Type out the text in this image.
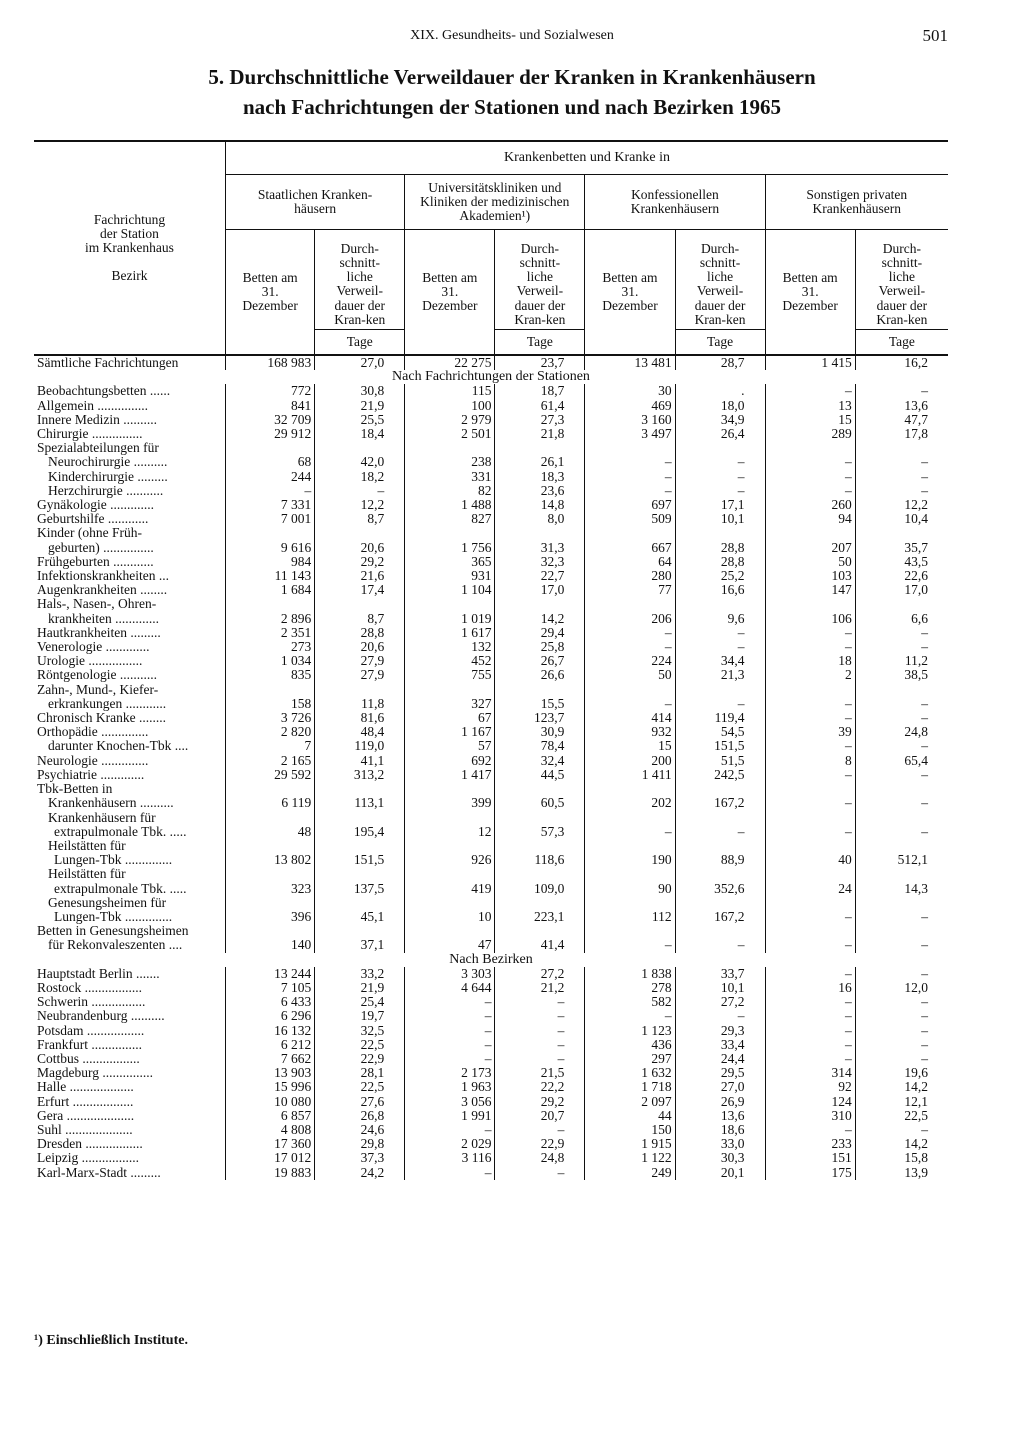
XIX. Gesundheits- und Sozialwesen	501
5. Durchschnittliche Verweildauer der Kranken in Krankenhäusern
nach Fachrichtungen der Stationen und nach Bezirken 1965
Fachrichtung
der Station
im Krankenhaus
Bezirk	Krankenbetten und Kranke in							
	Staatlichen Kranken-häusern		Universitätskliniken und Kliniken der medizinischen Akademien¹)		Konfessionellen Krankenhäusern		Sonstigen privaten Krankenhäusern	
	Betten am 31. Dezember	Durch-schnitt-liche Verweil-dauer der Kran-ken	Betten am 31. Dezember	Durch-schnitt-liche Verweil-dauer der Kran-ken	Betten am 31. Dezember	Durch-schnitt-liche Verweil-dauer der Kran-ken	Betten am 31. Dezember	Durch-schnitt-liche Verweil-dauer der Kran-ken
		Tage		Tage		Tage		Tage

Sämtliche Fachrichtungen	168 983	27,0	22 275	23,7	13 481	28,7	1 415	16,2
Nach Fachrichtungen der Stationen								
Beobachtungsbetten ......	772	30,8	115	18,7	30	.	–	–
Allgemein ...............	841	21,9	100	61,4	469	18,0	13	13,6
Innere Medizin ..........	32 709	25,5	2 979	27,3	3 160	34,9	15	47,7
Chirurgie ...............	29 912	18,4	2 501	21,8	3 497	26,4	289	17,8
Spezialabteilungen für								
Neurochirurgie ..........	68	42,0	238	26,1	–	–	–	–
Kinderchirurgie .........	244	18,2	331	18,3	–	–	–	–
Herzchirurgie ...........	–	–	82	23,6	–	–	–	–
Gynäkologie .............	7 331	12,2	1 488	14,8	697	17,1	260	12,2
Geburtshilfe ............	7 001	8,7	827	8,0	509	10,1	94	10,4
Kinder (ohne Früh-								
geburten) ...............	9 616	20,6	1 756	31,3	667	28,8	207	35,7
Frühgeburten ............	984	29,2	365	32,3	64	28,8	50	43,5
Infektionskrankheiten ...	11 143	21,6	931	22,7	280	25,2	103	22,6
Augenkrankheiten ........	1 684	17,4	1 104	17,0	77	16,6	147	17,0
Hals-, Nasen-, Ohren-								
krankheiten .............	2 896	8,7	1 019	14,2	206	9,6	106	6,6
Hautkrankheiten .........	2 351	28,8	1 617	29,4	–	–	–	–
Venerologie .............	273	20,6	132	25,8	–	–	–	–
Urologie ................	1 034	27,9	452	26,7	224	34,4	18	11,2
Röntgenologie ...........	835	27,9	755	26,6	50	21,3	2	38,5
Zahn-, Mund-, Kiefer-								
erkrankungen ............	158	11,8	327	15,5	–	–	–	–
Chronisch Kranke ........	3 726	81,6	67	123,7	414	119,4	–	–
Orthopädie ..............	2 820	48,4	1 167	30,9	932	54,5	39	24,8
darunter Knochen-Tbk ....	7	119,0	57	78,4	15	151,5	–	–
Neurologie ..............	2 165	41,1	692	32,4	200	51,5	8	65,4
Psychiatrie .............	29 592	313,2	1 417	44,5	1 411	242,5	–	–
Tbk-Betten in								
Krankenhäusern ..........	6 119	113,1	399	60,5	202	167,2	–	–
Krankenhäusern für								
extrapulmonale Tbk. .....	48	195,4	12	57,3	–	–	–	–
Heilstätten für								
Lungen-Tbk ..............	13 802	151,5	926	118,6	190	88,9	40	512,1
Heilstätten für								
extrapulmonale Tbk. .....	323	137,5	419	109,0	90	352,6	24	14,3
Genesungsheimen für								
Lungen-Tbk ..............	396	45,1	10	223,1	112	167,2	–	–
Betten in Genesungsheimen								
für Rekonvaleszenten ....	140	37,1	47	41,4	–	–	–	–
Nach Bezirken								
Hauptstadt Berlin .......	13 244	33,2	3 303	27,2	1 838	33,7	–	–
Rostock .................	7 105	21,9	4 644	21,2	278	10,1	16	12,0
Schwerin ................	6 433	25,4	–	–	582	27,2	–	–
Neubrandenburg ..........	6 296	19,7	–	–	–	–	–	–
Potsdam .................	16 132	32,5	–	–	1 123	29,3	–	–
Frankfurt ...............	6 212	22,5	–	–	436	33,4	–	–
Cottbus .................	7 662	22,9	–	–	297	24,4	–	–
Magdeburg ...............	13 903	28,1	2 173	21,5	1 632	29,5	314	19,6
Halle ...................	15 996	22,5	1 963	22,2	1 718	27,0	92	14,2
Erfurt ..................	10 080	27,6	3 056	29,2	2 097	26,9	124	12,1
Gera ....................	6 857	26,8	1 991	20,7	44	13,6	310	22,5
Suhl ....................	4 808	24,6	–	–	150	18,6	–	–
Dresden .................	17 360	29,8	2 029	22,9	1 915	33,0	233	14,2
Leipzig .................	17 012	37,3	3 116	24,8	1 122	30,3	151	15,8
Karl-Marx-Stadt .........	19 883	24,2	–	–	249	20,1	175	13,9
¹) Einschließlich Institute.
